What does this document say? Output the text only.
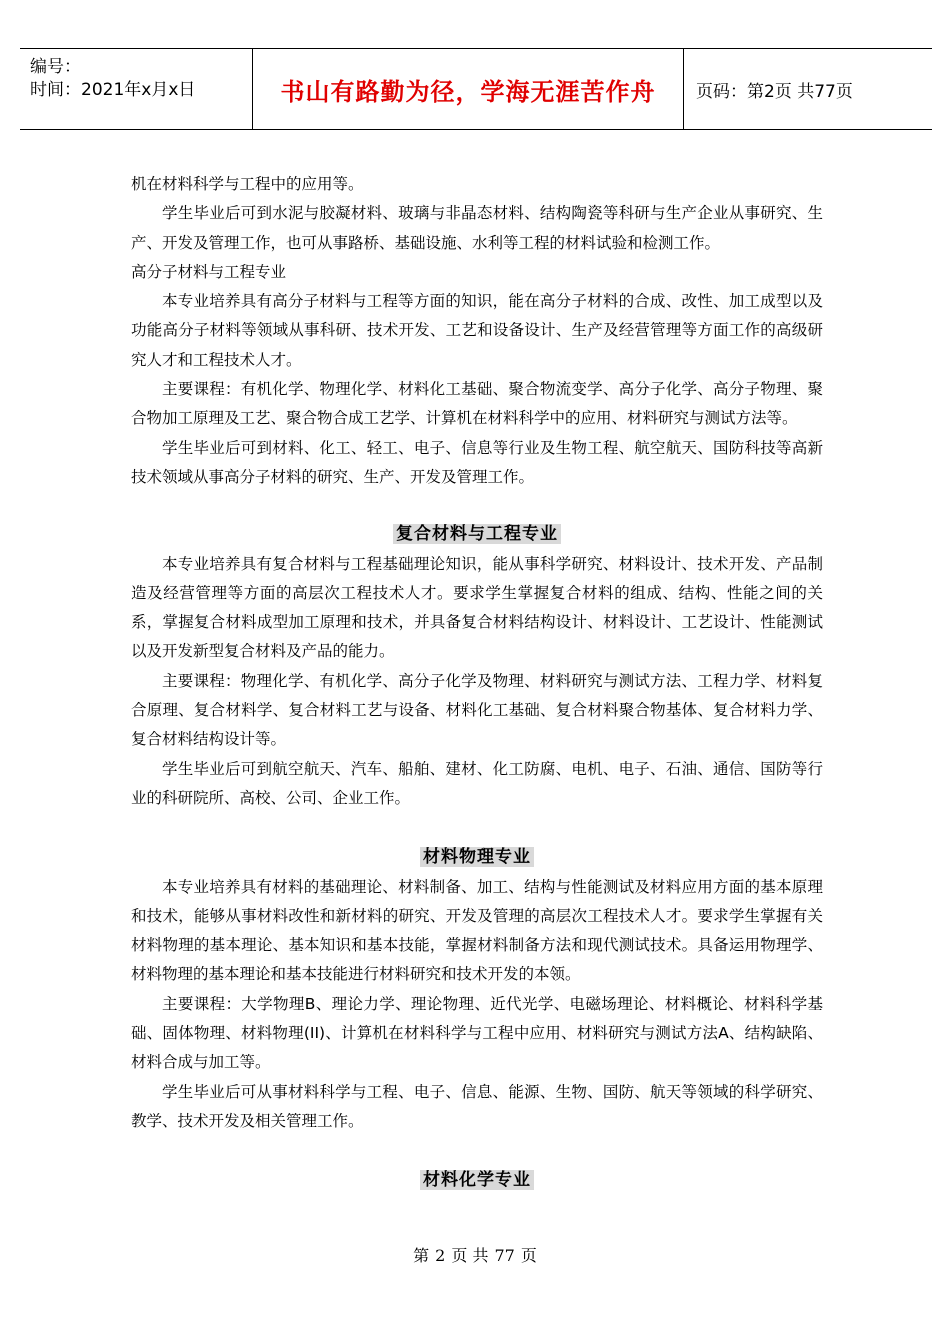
编号：
时间：2021年x月x日	书山有路勤为径，学海无涯苦作舟	页码：第2页 共77页

机在材料科学与工程中的应用等。

学生毕业后可到水泥与胶凝材料、玻璃与非晶态材料、结构陶瓷等科研与生产企业从事研究、生产、开发及管理工作，也可从事路桥、基础设施、水利等工程的材料试验和检测工作。

高分子材料与工程专业

本专业培养具有高分子材料与工程等方面的知识，能在高分子材料的合成、改性、加工成型以及功能高分子材料等领域从事科研、技术开发、工艺和设备设计、生产及经营管理等方面工作的高级研究人才和工程技术人才。

主要课程：有机化学、物理化学、材料化工基础、聚合物流变学、高分子化学、高分子物理、聚合物加工原理及工艺、聚合物合成工艺学、计算机在材料科学中的应用、材料研究与测试方法等。

学生毕业后可到材料、化工、轻工、电子、信息等行业及生物工程、航空航天、国防科技等高新技术领域从事高分子材料的研究、生产、开发及管理工作。

复合材料与工程专业

本专业培养具有复合材料与工程基础理论知识，能从事科学研究、材料设计、技术开发、产品制造及经营管理等方面的高层次工程技术人才。要求学生掌握复合材料的组成、结构、性能之间的关系，掌握复合材料成型加工原理和技术，并具备复合材料结构设计、材料设计、工艺设计、性能测试以及开发新型复合材料及产品的能力。

主要课程：物理化学、有机化学、高分子化学及物理、材料研究与测试方法、工程力学、材料复合原理、复合材料学、复合材料工艺与设备、材料化工基础、复合材料聚合物基体、复合材料力学、复合材料结构设计等。

学生毕业后可到航空航天、汽车、船舶、建材、化工防腐、电机、电子、石油、通信、国防等行业的科研院所、高校、公司、企业工作。

材料物理专业

本专业培养具有材料的基础理论、材料制备、加工、结构与性能测试及材料应用方面的基本原理和技术，能够从事材料改性和新材料的研究、开发及管理的高层次工程技术人才。要求学生掌握有关材料物理的基本理论、基本知识和基本技能，掌握材料制备方法和现代测试技术。具备运用物理学、材料物理的基本理论和基本技能进行材料研究和技术开发的本领。

主要课程：大学物理B、理论力学、理论物理、近代光学、电磁场理论、材料概论、材料科学基础、固体物理、材料物理(II)、计算机在材料科学与工程中应用、材料研究与测试方法A、结构缺陷、材料合成与加工等。

学生毕业后可从事材料科学与工程、电子、信息、能源、生物、国防、航天等领域的科学研究、教学、技术开发及相关管理工作。

材料化学专业

第 2 页 共 77 页
